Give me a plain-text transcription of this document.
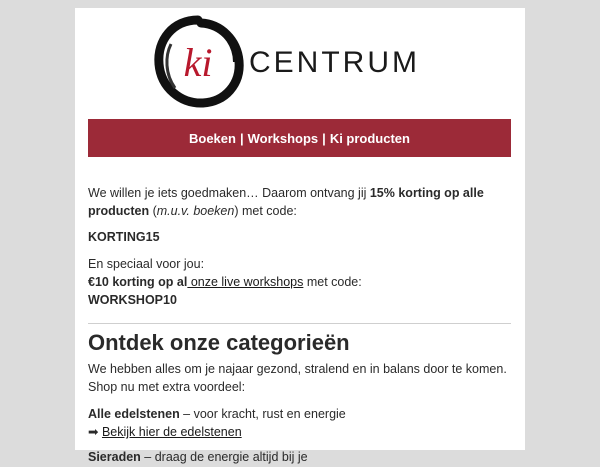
ki CENTRUM
Boeken | Workshops | Ki producten

We willen je iets goedmaken… Daarom ontvang jij 15% korting op alle producten (m.u.v. boeken) met code:

KORTING15

En speciaal voor jou:

€10 korting op al onze live workshops met code:

WORKSHOP10

Ontdek onze categorieën

We hebben alles om je najaar gezond, stralend en in balans door te komen. Shop nu met extra voordeel:

Alle edelstenen – voor kracht, rust en energie

➡ Bekijk hier de edelstenen

Sieraden – draag de energie altijd bij je
